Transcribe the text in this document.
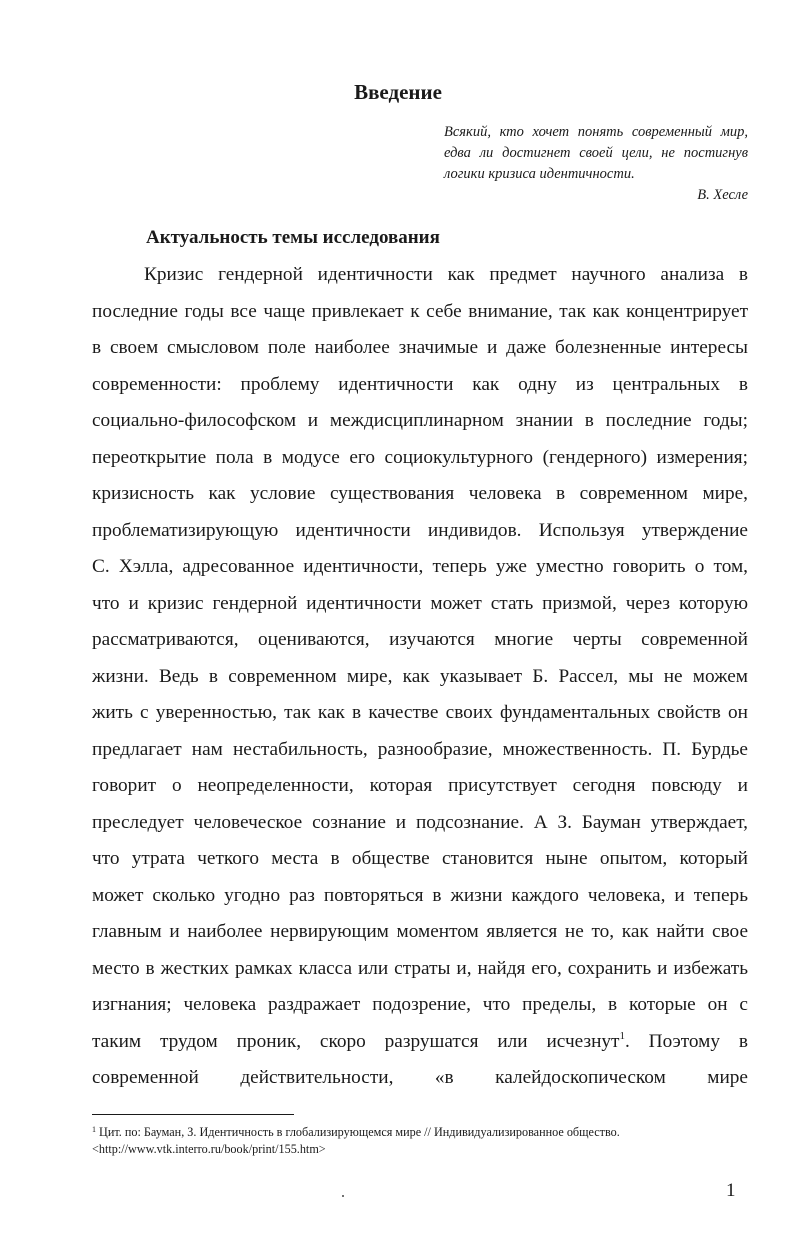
Введение
Всякий, кто хочет понять современный мир, едва ли достигнет своей цели, не постигнув логики кризиса идентичности.
В. Хесле
Актуальность темы исследования
Кризис гендерной идентичности как предмет научного анализа в
последние годы все чаще привлекает к себе внимание, так как концентрирует
в своем смысловом поле наиболее значимые и даже болезненные интересы
современности: проблему идентичности как одну из центральных в
социально-философском и междисциплинарном знании в последние годы;
переоткрытие пола в модусе его социокультурного (гендерного) измерения;
кризисность как условие существования человека в современном мире,
проблематизирующую идентичности индивидов. Используя утверждение
С. Хэлла, адресованное идентичности, теперь уже уместно говорить о том,
что и кризис гендерной идентичности может стать призмой, через которую
рассматриваются, оцениваются, изучаются многие черты современной
жизни. Ведь в современном мире, как указывает Б. Рассел, мы не можем
жить с уверенностью, так как в качестве своих фундаментальных свойств он
предлагает нам нестабильность, разнообразие, множественность. П. Бурдье
говорит о неопределенности, которая присутствует сегодня повсюду и
преследует человеческое сознание и подсознание. А З. Бауман утверждает,
что утрата четкого места в обществе становится ныне опытом, который
может сколько угодно раз повторяться в жизни каждого человека, и теперь
главным и наиболее нервирующим моментом является не то, как найти свое
место в жестких рамках класса или страты и, найдя его, сохранить и избежать
изгнания; человека раздражает подозрение, что пределы, в которые он с
таким трудом проник, скоро разрушатся или исчезнут$^1$. Поэтому в
современной действительности, «в калейдоскопическом мире
$^1$ Цит. по: Бауман, З. Идентичность в глобализирующемся мире // Индивидуализированное общество.
<http://www.vtk.interro.ru/book/print/155.htm>
1
